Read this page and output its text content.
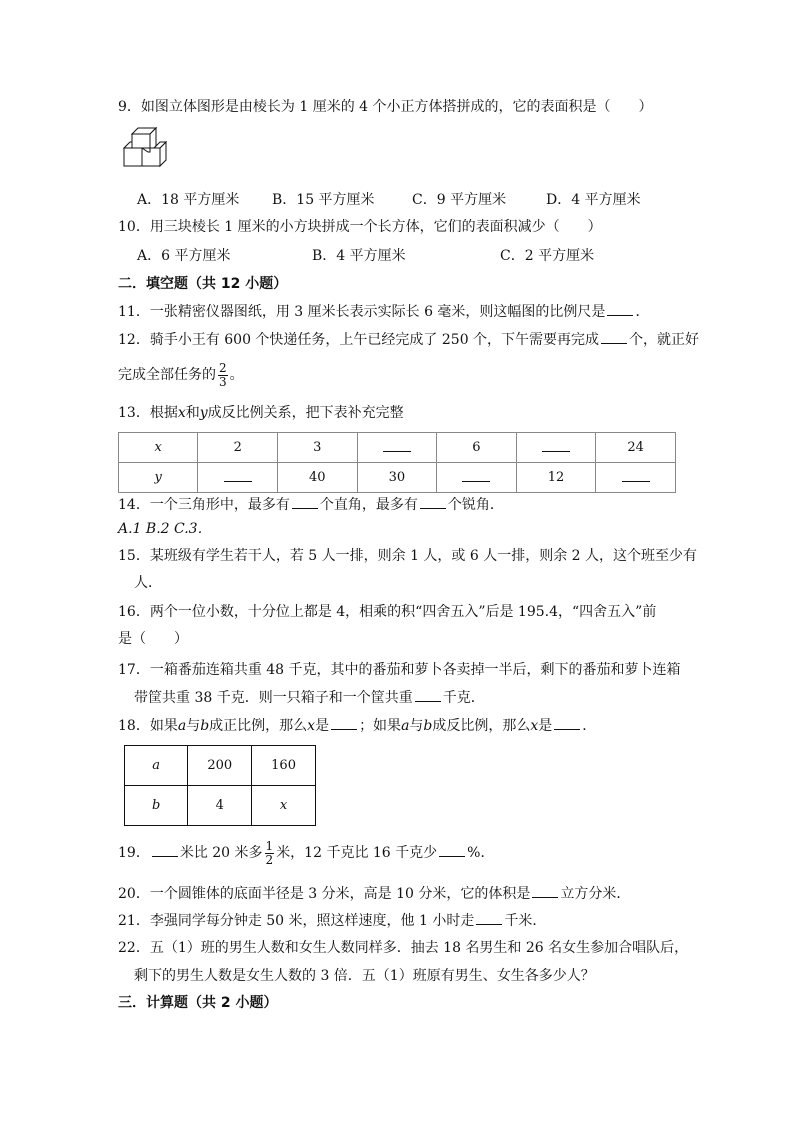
9．如图立体图形是由棱长为 1 厘米的 4 个小正方体搭拼成的，它的表面积是（　　）
A．18 平方厘米 B．15 平方厘米	C．9 平方厘米	D．4 平方厘米
10．用三块棱长 1 厘米的小方块拼成一个长方体，它们的表面积减少（　　）
A．6 平方厘米	B．4 平方厘米	C．2 平方厘米
二．填空题（共 12 小题）
11．一张精密仪器图纸，用 3 厘米长表示实际长 6 毫米，则这幅图的比例尺是 ．
12．骑手小王有 600 个快递任务，上午已经完成了 250 个，下午需要再完成 个，就正好
完成全部任务的 $\frac{2}{3}$ 。
13．根据x和y成反比例关系，把下表补充完整
x	2	3		6		24
y		40	30		12	
14．一个三角形中，最多有 个直角，最多有 个锐角．
A.1 B.2 C.3．
15．某班级有学生若干人，若 5 人一排，则余 1 人，或 6 人一排，则余 2 人，这个班至少有
人．
16．两个一位小数，十分位上都是 4，相乘的积“四舍五入”后是 195.4，“四舍五入”前
是（　　）
17．一箱番茄连箱共重 48 千克，其中的番茄和萝卜各卖掉一半后，剩下的番茄和萝卜连箱
带筐共重 38 千克．则一只箱子和一个筐共重 千克．
18．如果a与b成正比例，那么x是 ；如果a与b成反比例，那么x是 ．
a	200	160
b	4	x
19． 米比 20 米多 $\frac{1}{2}$ 米，12 千克比 16 千克少 %．
20．一个圆锥体的底面半径是 3 分米，高是 10 分米，它的体积是 立方分米．
21．李强同学每分钟走 50 米，照这样速度，他 1 小时走 千米．
22．五（1）班的男生人数和女生人数同样多．抽去 18 名男生和 26 名女生参加合唱队后，
剩下的男生人数是女生人数的 3 倍．五（1）班原有男生、女生各多少人？
三．计算题（共 2 小题）
